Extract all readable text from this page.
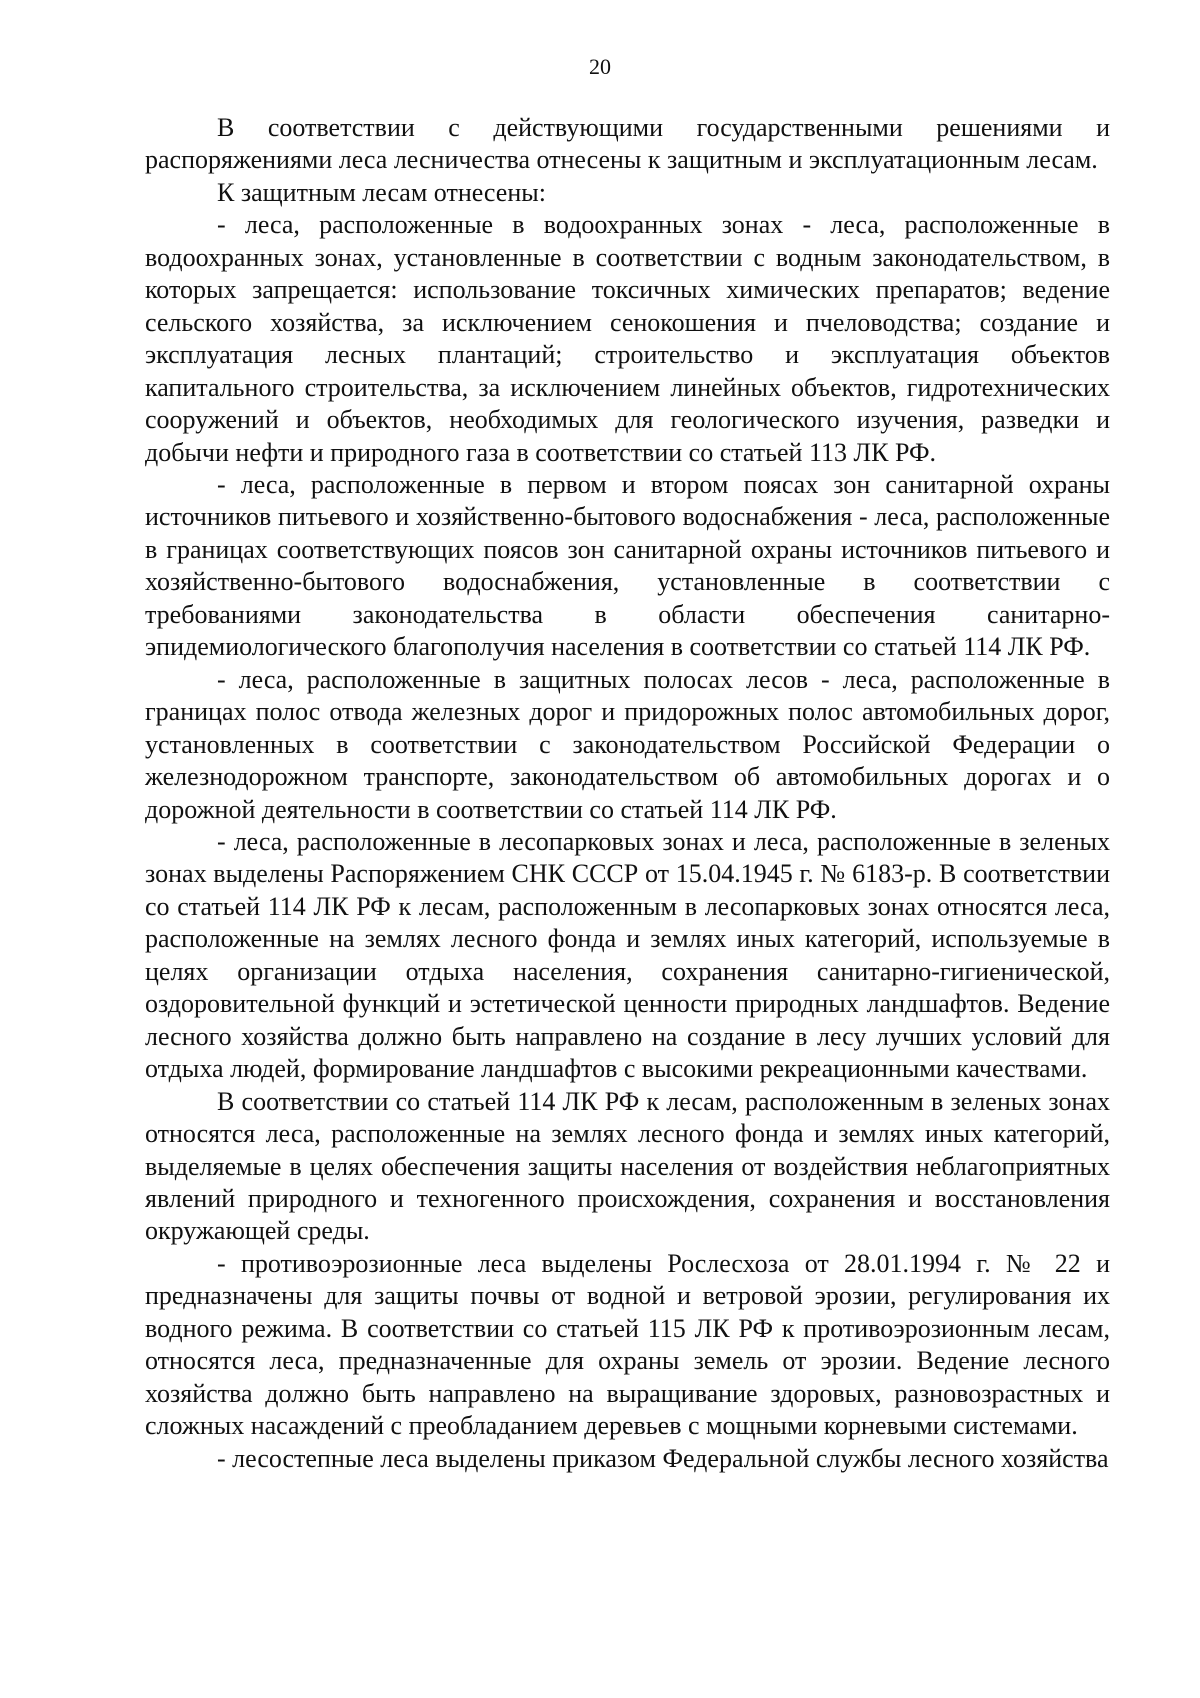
20

В соответствии с действующими государственными решениями и распоряжениями леса лесничества отнесены к защитным и эксплуатационным лесам.

К защитным лесам отнесены:

- леса, расположенные в водоохранных зонах - леса, расположенные в водоохранных зонах, установленные в соответствии с водным законодательством, в которых запрещается: использование токсичных химических препаратов; ведение сельского хозяйства, за исключением сенокошения и пчеловодства; создание и эксплуатация лесных плантаций; строительство и эксплуатация объектов капитального строительства, за исключением линейных объектов, гидротехнических сооружений и объектов, необходимых для геологического изучения, разведки и добычи нефти и природного газа в соответствии со статьей 113 ЛК РФ.

- леса, расположенные в первом и втором поясах зон санитарной охраны источников питьевого и хозяйственно-бытового водоснабжения - леса, расположенные в границах соответствующих поясов зон санитарной охраны источников питьевого и хозяйственно-бытового водоснабжения, установленные в соответствии с требованиями законодательства в области обеспечения санитарно-эпидемиологического благополучия населения в соответствии со статьей 114 ЛК РФ.

- леса, расположенные в защитных полосах лесов - леса, расположенные в границах полос отвода железных дорог и придорожных полос автомобильных дорог, установленных в соответствии с законодательством Российской Федерации о железнодорожном транспорте, законодательством об автомобильных дорогах и о дорожной деятельности в соответствии со статьей 114 ЛК РФ.

- леса, расположенные в лесопарковых зонах и леса, расположенные в зеленых зонах выделены Распоряжением СНК СССР от 15.04.1945 г. № 6183-р. В соответствии со статьей 114 ЛК РФ к лесам, расположенным в лесопарковых зонах относятся леса, расположенные на землях лесного фонда и землях иных категорий, используемые в целях организации отдыха населения, сохранения санитарно-гигиенической, оздоровительной функций и эстетической ценности природных ландшафтов. Ведение лесного хозяйства должно быть направлено на создание в лесу лучших условий для отдыха людей, формирование ландшафтов с высокими рекреационными качествами.

В соответствии со статьей 114 ЛК РФ к лесам, расположенным в зеленых зонах относятся леса, расположенные на землях лесного фонда и землях иных категорий, выделяемые в целях обеспечения защиты населения от воздействия неблагоприятных явлений природного и техногенного происхождения, сохранения и восстановления окружающей среды.

- противоэрозионные леса выделены Рослесхоза от 28.01.1994 г. № 22 и предназначены для защиты почвы от водной и ветровой эрозии, регулирования их водного режима. В соответствии со статьей 115 ЛК РФ к противоэрозионным лесам, относятся леса, предназначенные для охраны земель от эрозии. Ведение лесного хозяйства должно быть направлено на выращивание здоровых, разновозрастных и сложных насаждений с преобладанием деревьев с мощными корневыми системами.

- лесостепные леса выделены приказом Федеральной службы лесного хозяйства
